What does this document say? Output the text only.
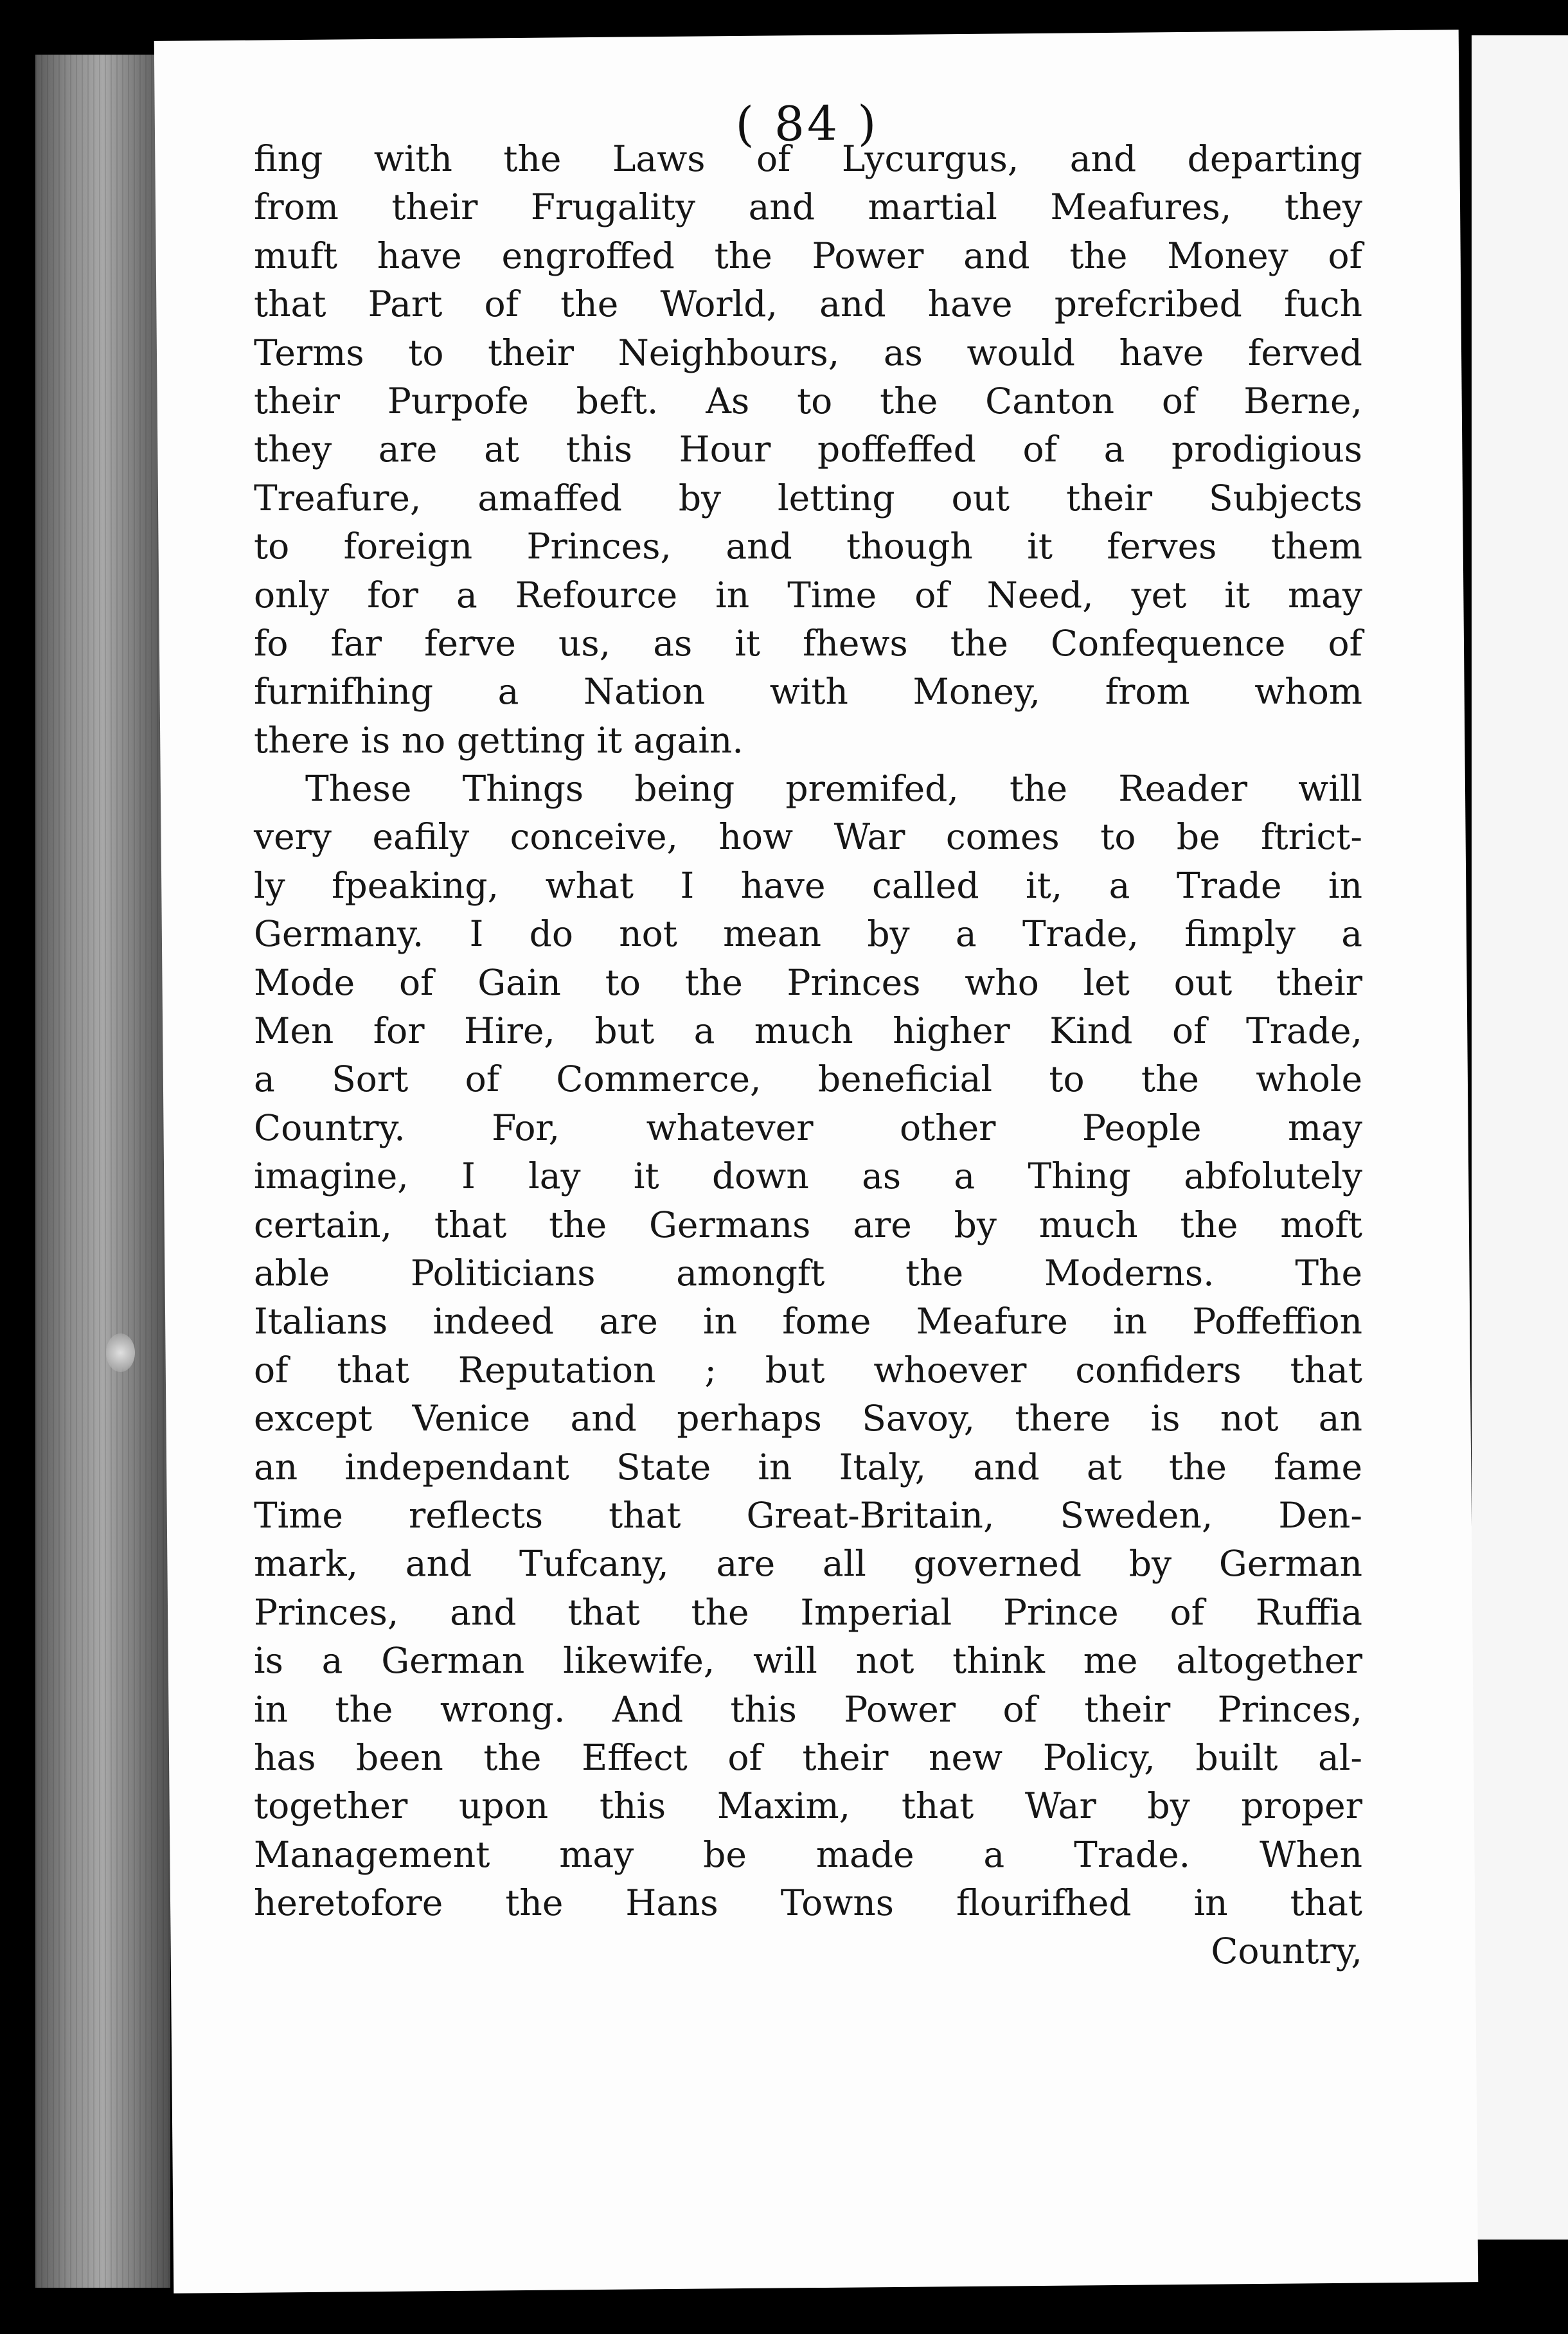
( 84 )
fing with the Laws of Lycurgus, and departing
from their Frugality and martial Meafures, they
muft have engroffed the Power and the Money of
that Part of the World, and have prefcribed fuch
Terms to their Neighbours, as would have ferved
their Purpofe beft. As to the Canton of Berne,
they are at this Hour poffeffed of a prodigious
Treafure, amaffed by letting out their Subjects
to foreign Princes, and though it ferves them
only for a Refource in Time of Need, yet it may
fo far ferve us, as it fhews the Confequence of
furnifhing a Nation with Money, from whom
there is no getting it again.
These Things being premifed, the Reader will
very eafily conceive, how War comes to be ftrict-
ly fpeaking, what I have called it, a Trade in
Germany. I do not mean by a Trade, fimply a
Mode of Gain to the Princes who let out their
Men for Hire, but a much higher Kind of Trade,
a Sort of Commerce, beneficial to the whole
Country. For, whatever other People may
imagine, I lay it down as a Thing abfolutely
certain, that the Germans are by much the moft
able Politicians amongft the Moderns. The
Italians indeed are in fome Meafure in Poffeffion
of that Reputation ; but whoever confiders that
except Venice and perhaps Savoy, there is not an
an independant State in Italy, and at the fame
Time reflects that Great-Britain, Sweden, Den-
mark, and Tufcany, are all governed by German
Princes, and that the Imperial Prince of Ruffia
is a German likewife, will not think me altogether
in the wrong. And this Power of their Princes,
has been the Effect of their new Policy, built al-
together upon this Maxim, that War by proper
Management may be made a Trade. When
heretofore the Hans Towns flourifhed in that
Country,
